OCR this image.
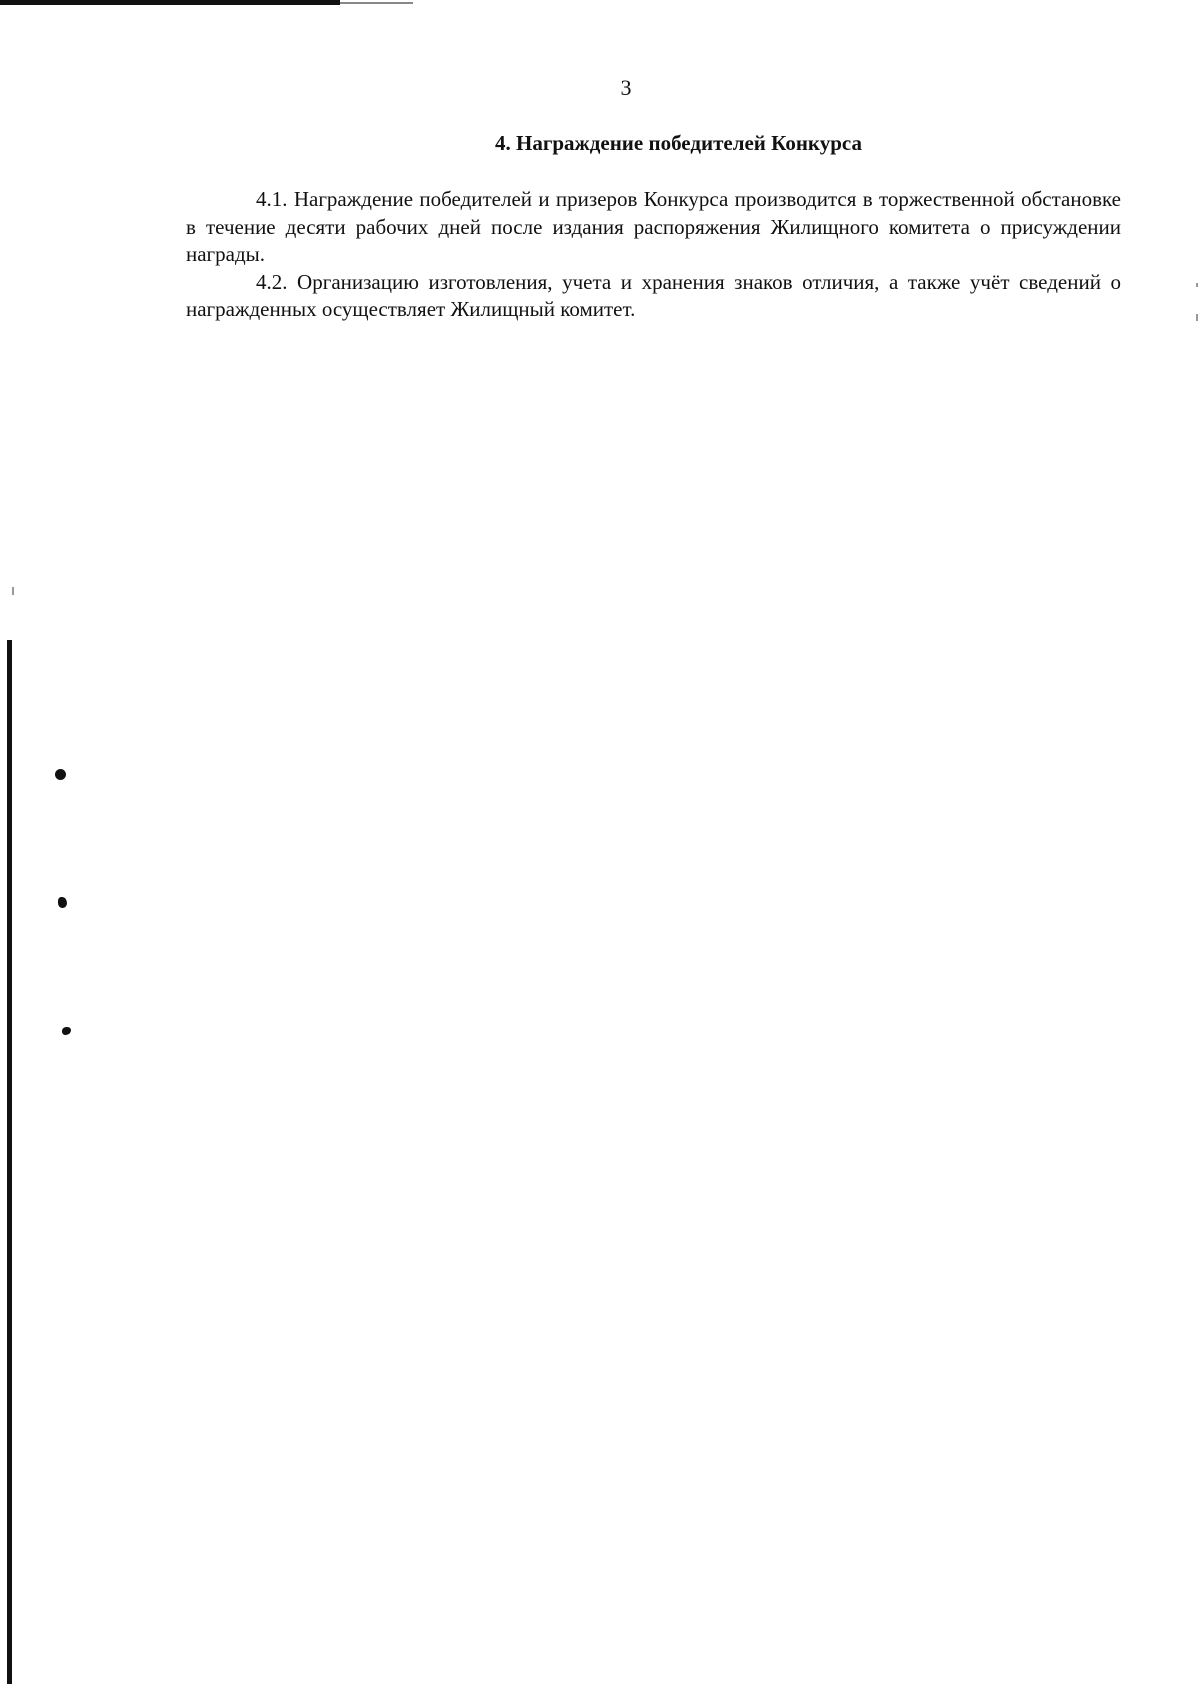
3
4. Награждение победителей Конкурса

4.1. Награждение победителей и призеров Конкурса производится в торжественной обстановке в течение десяти рабочих дней после издания распоряжения Жилищного комитета о присуждении награды.

4.2. Организацию изготовления, учета и хранения знаков отличия, а также учёт сведений о награжденных осуществляет Жилищный комитет.
